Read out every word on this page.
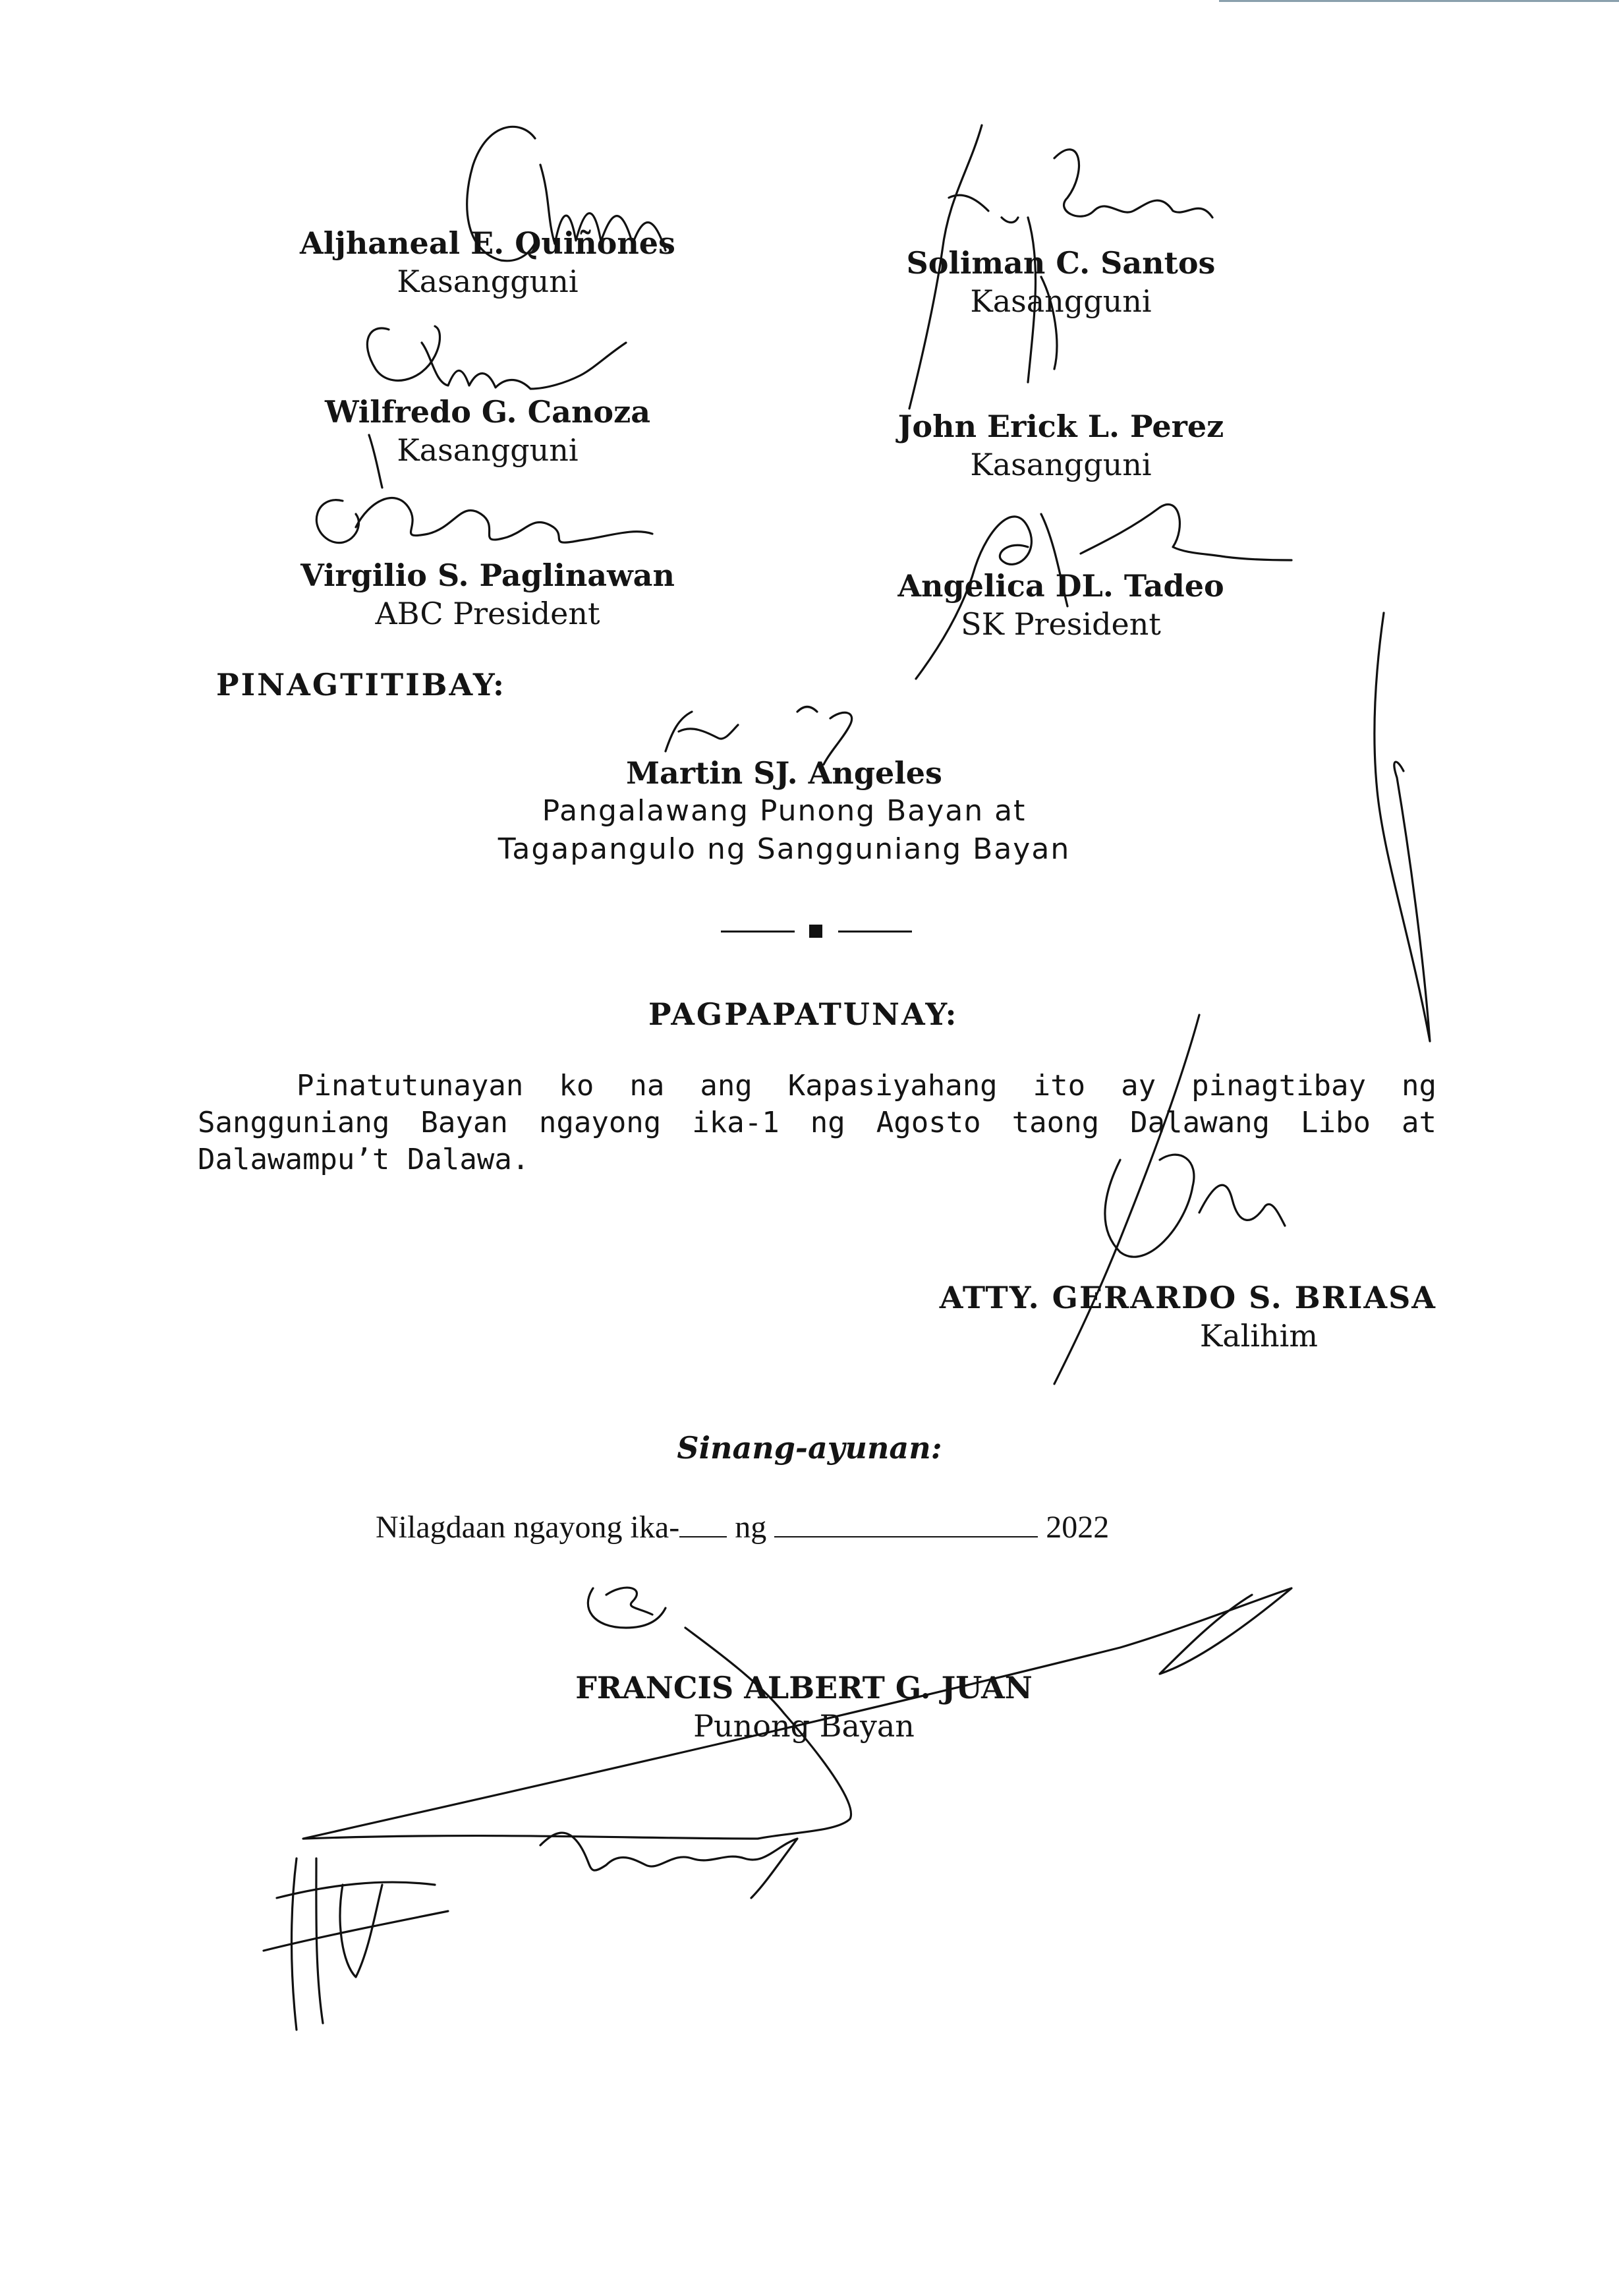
Aljhaneal E. Quiñones
Kasangguni
Wilfredo G. Canoza
Kasangguni
Virgilio S. Paglinawan
ABC President
Soliman C. Santos
Kasangguni
John Erick L. Perez
Kasangguni
Angelica DL. Tadeo
SK President
PINAGTITIBAY:
Martin SJ. Angeles
Pangalawang Punong Bayan at
Tagapangulo ng Sangguniang Bayan
PAGPAPATUNAY:
Pinatutunayan ko na ang Kapasiyahang ito ay pinagtibay ng Sangguniang Bayan ngayong ika-1 ng Agosto taong Dalawang Libo at Dalawampu’t Dalawa.
ATTY. GERARDO S. BRIASA
Kalihim
Sinang-ayunan:
Nilagdaan ngayong ika- ng	2022
FRANCIS ALBERT G. JUAN
Punong Bayan
